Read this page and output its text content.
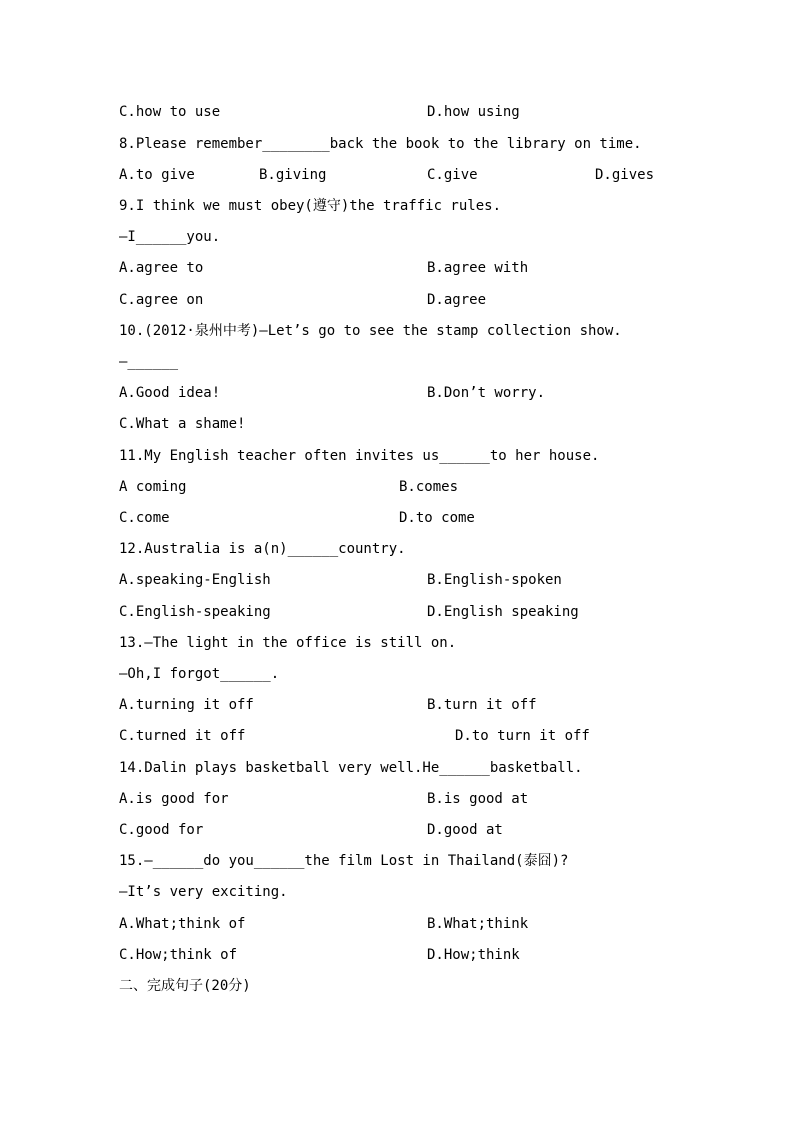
C.how to use	D.how using
8.Please remember________back the book to the library on time.
A.to give	B.giving	C.give	D.gives
9.I think we must obey(遵守)the traffic rules.
—I______you.
A.agree to	B.agree with
C.agree on	D.agree
10.(2012·泉州中考)—Let’s go to see the stamp collection show.
—______
A.Good idea!	B.Don’t worry.
C.What a shame!
11.My English teacher often invites us______to her house.
A coming	B.comes
C.come	D.to come
12.Australia is a(n)______country.
A.speaking-English	B.English-spoken
C.English-speaking	D.English speaking
13.—The light in the office is still on.
—Oh,I forgot______.
A.turning it off	B.turn it off
C.turned it off	D.to turn it off
14.Dalin plays basketball very well.He______basketball.
A.is good for	B.is good at
C.good for	D.good at
15.—______do you______the film Lost in Thailand(泰囧)?
—It’s very exciting.
A.What;think of	B.What;think
C.How;think of	D.How;think
二、完成句子(20分)
